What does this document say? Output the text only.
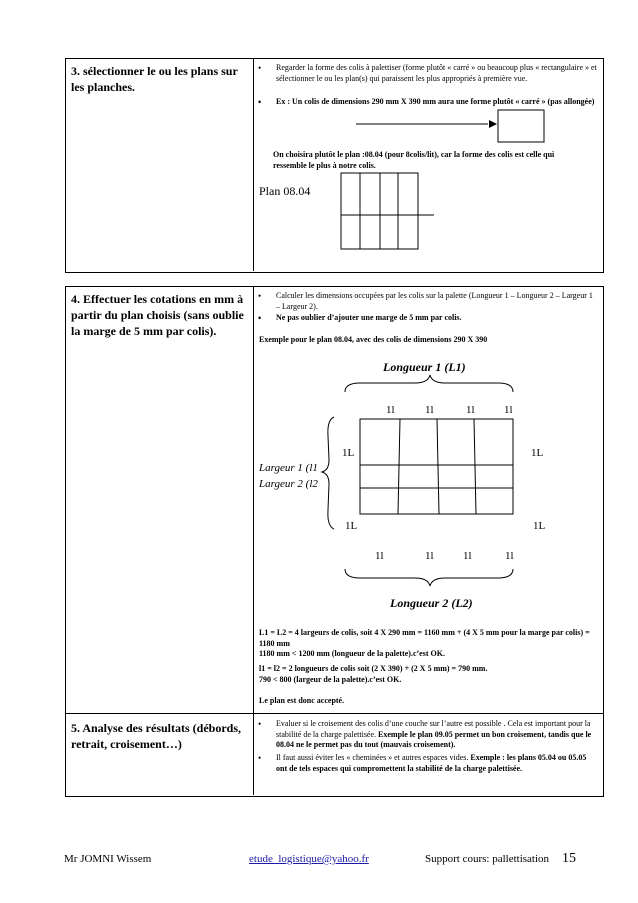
3. sélectionner le ou les plans sur les planches.
• Regarder la forme des colis à palettiser (forme plutôt « carré » ou beaucoup plus « rectangulaire » et sélectionner le ou les plan(s) qui paraissent les plus appropriés à première vue.
• Ex : Un colis de dimensions 290 mm X 390 mm aura une forme plutôt « carré » (pas allongée)
On choisira plutôt le plan :08.04 (pour 8colis/lit), car la forme des colis est celle qui ressemble le plus à notre colis.
Plan 08.04
4. Effectuer les cotations en mm à partir du plan choisis (sans oublie la marge de 5 mm par colis).
• Calculer les dimensions occupées par les colis sur la palette (Longueur 1 – Longueur 2 – Largeur 1 – Largeur 2).
• Ne pas oublier d’ajouter une marge de 5 mm par colis.
Exemple pour le plan 08.04, avec des colis de dimensions 290 X 390
Longueur 1 (L1)
1l	1l	1l	1l
1L	1L
1L	1L
Largeur 1 (l1
Largeur 2 (l2
1l	1l	1l	1l
Longueur 2 (L2)
L1 = L2 = 4 largeurs de colis, soit 4 X 290 mm = 1160 mm + (4 X 5 mm pour la marge par colis) = 1180 mm
1180 mm < 1200 mm (longueur de la palette).c’est OK.
l1 = l2 = 2 longueurs de colis soit (2 X 390) + (2 X 5 mm) = 790 mm.
790 < 800 (largeur de la palette).c’est OK.
Le plan est donc accepté.
5. Analyse des résultats (débords, retrait, croisement…)
• Evaluer si le croisement des colis d’une couche sur l’autre est possible . Cela est important pour la stabilité de la charge palettisée. Exemple le plan 09.05 permet un bon croisement, tandis que le 08.04 ne le permet pas du tout (mauvais croisement).
• Il faut aussi éviter les « cheminées » et autres espaces vides. Exemple : les plans 05.04 ou 05.05 ont de tels espaces qui compromettent la stabilité de la charge palettisée.
Mr JOMNI Wissem	etude_logistique@yahoo.fr	Support cours: pallettisation 15
